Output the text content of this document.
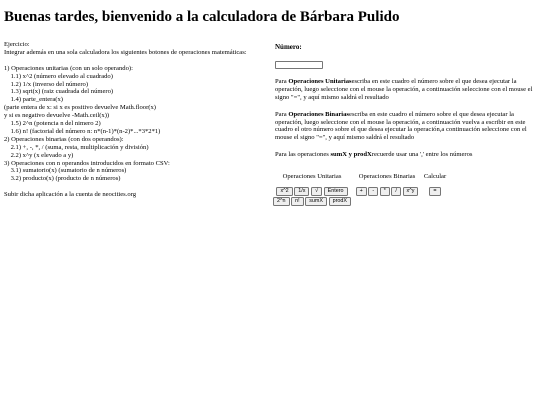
Buenas tardes, bienvenido a la calculadora de Bárbara Pulido
Ejercicio:
Integrar además en una sola calculadora los siguientes botones de operaciones matemáticas:
1) Operaciones unitarias (con un solo operando):
1.1) x^2 (número elevado al cuadrado)
1.2) 1/x (inverso del número)
1.3) sqrt(x) (raiz cuadrada del número)
1.4) parte_entera(x)
(parte entera de x: si x es positivo devuelve Math.floor(x)
y si es negativo devuelve -Math.ceil(x))
1.5) 2^n (potencia n del nimero 2)
1.6) n! (factorial del número n: n*(n-1)*(n-2)*...*3*2*1)
2) Operaciones binarias (con dos operandos):
2.1) +, -, *, / (suma, resta, multiplicación y división)
2.2) x^y (x elevado a y)
3) Operaciones con n operandos introducidos en formato CSV:
3.1) sumatorio(x) (sumatorio de n números)
3.2) producto(x) (producto de n números)
Subir dicha aplicación a la cuenta de neocities.org
Número:

Para Operaciones Unitariasescriba en este cuadro el número sobre el que desea ejecutar la operación, luego seleccione con el mouse la operación, a continuación seleccione con el mouse el signo "=", y aquí mismo saldrá el resultado

Para Operaciones Binariasescriba en este cuadro el número sobre el que desea ejecutar la operación, luego seleccione con el mouse la operación, a continuación vuelva a escribir en este cuadro el otro número sobre el que desea ejecutar la operación,a continuación seleccione con el mouse el signo "=", y aquí mismo saldrá el resultado

Para las operaciones sumX y prodXrecuerde usar una ',' entre los números

Operaciones Unitarias
x^2	1/x	√	Entero
2^n	n!	sumX	prodX
Operaciones Binarias
+	-	*	/	x^y
Calcular
=
